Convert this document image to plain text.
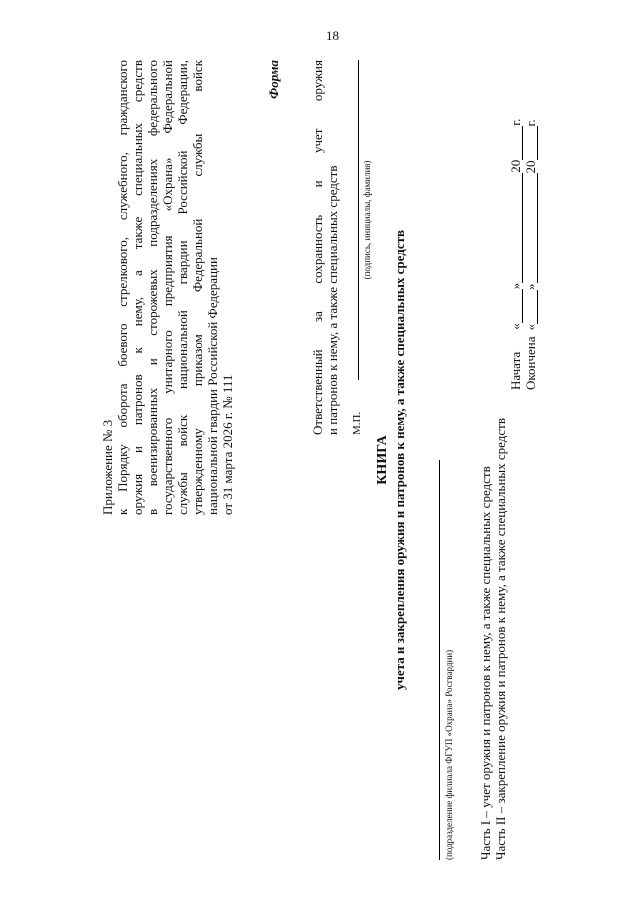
18
Приложение № 3 к Порядку оборота боевого стрелкового, служебного, гражданского оружия и патронов к нему, а также специальных средств в военизированных и сторожевых подразделениях федерального государственного унитарного предприятия «Охрана» Федеральной службы войск национальной гвардии Российской Федерации, утвержденному приказом Федеральной службы войск национальной гвардии Российской Федерации от 31 марта 2026 г. № 111
Форма Ответственный за сохранность и учет оружия и патронов к нему, а также специальных средств М.П.
(подпись, инициалы, фамилия)
КНИГА учета и закрепления оружия и патронов к нему, а также специальных средств
(подразделение филиала ФГУП «Охрана» Росгвардии) Часть I – учет оружия и патронов к нему, а также специальных средств Часть II – закрепление оружия и патронов к нему, а также специальных средств
Начата
«
»
20
г.
Окончена
«
»
20
г.
